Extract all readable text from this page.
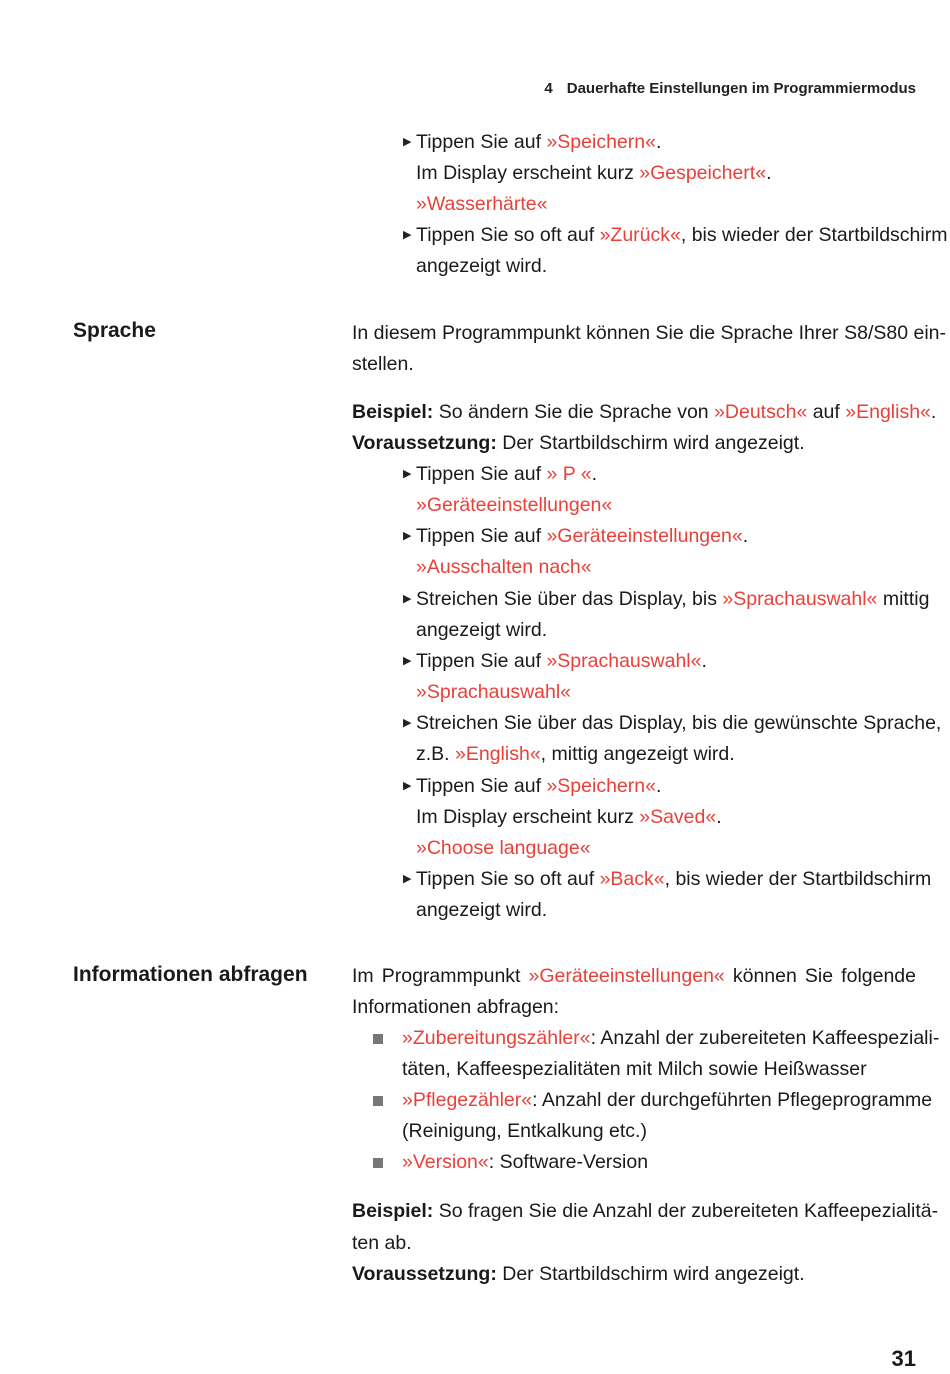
4 Dauerhafte Einstellungen im Programmiermodus
▶ Tippen Sie auf »Speichern«.
Im Display erscheint kurz »Gespeichert«.
»Wasserhärte«
▶ Tippen Sie so oft auf »Zurück«, bis wieder der Startbildschirm
angezeigt wird.
Sprache	In diesem Programmpunkt können Sie die Sprache Ihrer S8/S80 ein-
stellen.
Beispiel: So ändern Sie die Sprache von »Deutsch« auf »English«.
Voraussetzung: Der Startbildschirm wird angezeigt.
▶ Tippen Sie auf » P «.
»Geräteeinstellungen«
▶ Tippen Sie auf »Geräteeinstellungen«.
»Ausschalten nach«
▶ Streichen Sie über das Display, bis »Sprachauswahl« mittig
angezeigt wird.
▶ Tippen Sie auf »Sprachauswahl«.
»Sprachauswahl«
▶ Streichen Sie über das Display, bis die gewünschte Sprache,
z.B. »English«, mittig angezeigt wird.
▶ Tippen Sie auf »Speichern«.
Im Display erscheint kurz »Saved«.
»Choose language«
▶ Tippen Sie so oft auf »Back«, bis wieder der Startbildschirm
angezeigt wird.
Informationen abfragen Im Programmpunkt »Geräteeinstellungen« können Sie folgende
Informationen abfragen:
»Zubereitungszähler«: Anzahl der zubereiteten Kaffeespeziali-
täten, Kaffeespezialitäten mit Milch sowie Heißwasser
»Pflegezähler«: Anzahl der durchgeführten Pflegeprogramme
(Reinigung, Entkalkung etc.)
»Version«: Software-Version
Beispiel: So fragen Sie die Anzahl der zubereiteten Kaffeepezialitä-
ten ab.
Voraussetzung: Der Startbildschirm wird angezeigt.
31
